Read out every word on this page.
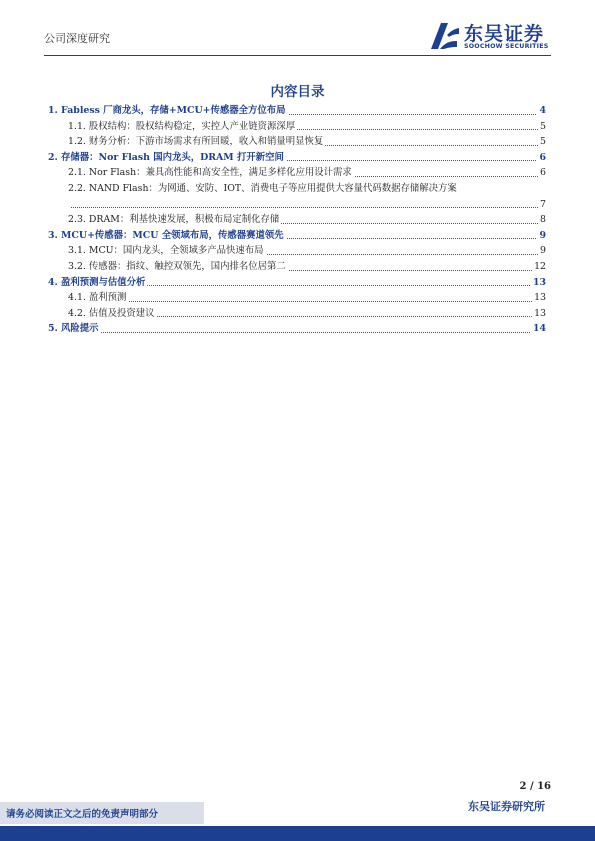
公司深度研究	东吴证券
SOOCHOW SECURITIES
内容目录
1. Fabless 厂商龙头，存储+MCU+传感器全方位布局	4
1.1. 股权结构：股权结构稳定，实控人产业链资源深厚	5
1.2. 财务分析：下游市场需求有所回暖，收入和销量明显恢复	5
2. 存储器：Nor Flash 国内龙头，DRAM 打开新空间	6
2.1. Nor Flash：兼具高性能和高安全性，满足多样化应用设计需求	6
2.2. NAND Flash：为网通、安防、IOT、消费电子等应用提供大容量代码数据存储解决方案
7
2.3. DRAM：利基快速发展，积极布局定制化存储	8
3. MCU+传感器：MCU 全领域布局，传感器赛道领先	9
3.1. MCU：国内龙头，全领域多产品快速布局	9
3.2. 传感器：指纹、触控双领先，国内排名位居第二	12
4. 盈利预测与估值分析	13
4.1. 盈利预测	13
4.2. 估值及投资建议	13
5. 风险提示	14
2 / 16
请务必阅读正文之后的免责声明部分
东吴证券研究所
